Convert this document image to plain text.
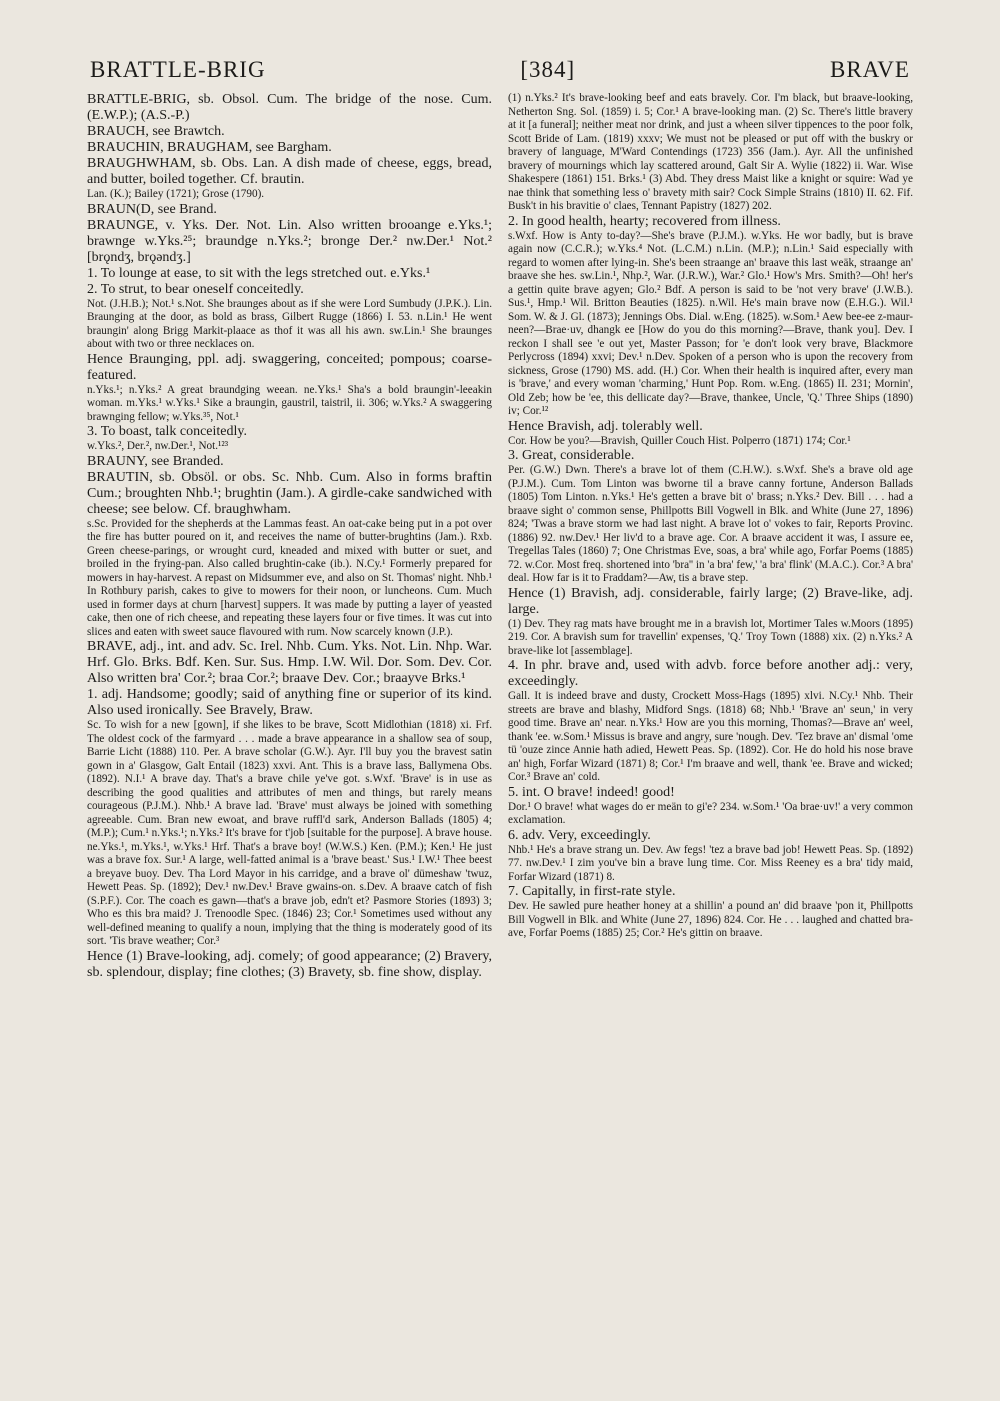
BRATTLE-BRIG	[384]	BRAVE

BRATTLE-BRIG, sb. Obsol. Cum. The bridge of the nose. Cum. (E.W.P.); (A.S.-P.)

BRAUCH, see Brawtch.

BRAUCHIN, BRAUGHAM, see Bargham.

BRAUGHWHAM, sb. Obs. Lan. A dish made of cheese, eggs, bread, and butter, boiled together. Cf. brautin.

Lan. (K.); Bailey (1721); Grose (1790).

BRAUN(D, see Brand.

BRAUNGE, v. Yks. Der. Not. Lin. Also written brooange e.Yks.¹; brawnge w.Yks.²⁵; braundge n.Yks.²; bronge Der.² nw.Der.¹ Not.² [brǫndʒ, brǫəndʒ.]

1. To lounge at ease, to sit with the legs stretched out. e.Yks.¹

2. To strut, to bear oneself conceitedly.

Not. (J.H.B.); Not.¹ s.Not. She braunges about as if she were Lord Sumbudy (J.P.K.). Lin. Braunging at the door, as bold as brass, Gilbert Rugge (1866) I. 53. n.Lin.¹ He went braungin' along Brigg Markit-plaace as thof it was all his awn. sw.Lin.¹ She braunges about with two or three necklaces on.

Hence Braunging, ppl. adj. swaggering, conceited; pompous; coarse-featured.

n.Yks.¹; n.Yks.² A great braundging weean. ne.Yks.¹ Sha's a bold braungin'-leeakin woman. m.Yks.¹ w.Yks.¹ Sike a braungin, gaustril, taistril, ii. 306; w.Yks.² A swaggering brawnging fellow; w.Yks.³⁵, Not.¹

3. To boast, talk conceitedly.

w.Yks.², Der.², nw.Der.¹, Not.¹²³

BRAUNY, see Branded.

BRAUTIN, sb. Obsöl. or obs. Sc. Nhb. Cum. Also in forms braftin Cum.; broughten Nhb.¹; brughtin (Jam.). A girdle-cake sandwiched with cheese; see below. Cf. braughwham.

s.Sc. Provided for the shepherds at the Lammas feast. An oat-cake being put in a pot over the fire has butter poured on it, and receives the name of butter-brughtins (Jam.). Rxb. Green cheese-parings, or wrought curd, kneaded and mixed with butter or suet, and broiled in the frying-pan. Also called brughtin-cake (ib.). N.Cy.¹ Formerly prepared for mowers in hay-harvest. A repast on Midsummer eve, and also on St. Thomas' night. Nhb.¹ In Rothbury parish, cakes to give to mowers for their noon, or luncheons. Cum. Much used in former days at churn [harvest] suppers. It was made by putting a layer of yeasted cake, then one of rich cheese, and repeating these layers four or five times. It was cut into slices and eaten with sweet sauce flavoured with rum. Now scarcely known (J.P.).

BRAVE, adj., int. and adv. Sc. Irel. Nhb. Cum. Yks. Not. Lin. Nhp. War. Hrf. Glo. Brks. Bdf. Ken. Sur. Sus. Hmp. I.W. Wil. Dor. Som. Dev. Cor. Also written bra' Cor.²; braa Cor.²; braave Dev. Cor.; braayve Brks.¹

1. adj. Handsome; goodly; said of anything fine or superior of its kind. Also used ironically. See Bravely, Braw.

Sc. To wish for a new [gown], if she likes to be brave, Scott Midlothian (1818) xi. Frf. The oldest cock of the farmyard . . . made a brave appearance in a shallow sea of soup, Barrie Licht (1888) 110. Per. A brave scholar (G.W.). Ayr. I'll buy you the bravest satin gown in a' Glasgow, Galt Entail (1823) xxvi. Ant. This is a brave lass, Ballymena Obs. (1892). N.I.¹ A brave day. That's a brave chile ye've got. s.Wxf. 'Brave' is in use as describing the good qualities and attributes of men and things, but rarely means courageous (P.J.M.). Nhb.¹ A brave lad. 'Brave' must always be joined with something agreeable. Cum. Bran new ewoat, and brave ruffl'd sark, Anderson Ballads (1805) 4; (M.P.); Cum.¹ n.Yks.¹; n.Yks.² It's brave for t'job [suitable for the purpose]. A brave house. ne.Yks.¹, m.Yks.¹, w.Yks.¹ Hrf. That's a brave boy! (W.W.S.) Ken. (P.M.); Ken.¹ He just was a brave fox. Sur.¹ A large, well-fatted animal is a 'brave beast.' Sus.¹ I.W.¹ Thee beest a breyave buoy. Dev. Tha Lord Mayor in his carridge, and a brave ol' dümeshaw 'twuz, Hewett Peas. Sp. (1892); Dev.¹ nw.Dev.¹ Brave gwains-on. s.Dev. A braave catch of fish (S.P.F.). Cor. The coach es gawn—that's a brave job, edn't et? Pasmore Stories (1893) 3; Who es this bra maid? J. Trenoodle Spec. (1846) 23; Cor.¹ Sometimes used without any well-defined meaning to qualify a noun, implying that the thing is moderately good of its sort. 'Tis brave weather; Cor.³

Hence (1) Brave-looking, adj. comely; of good appearance; (2) Bravery, sb. splendour, display; fine clothes; (3) Bravety, sb. fine show, display.

(1) n.Yks.² It's brave-looking beef and eats bravely. Cor. I'm black, but braave-looking, Netherton Sng. Sol. (1859) i. 5; Cor.¹ A brave-looking man. (2) Sc. There's little bravery at it [a funeral]; neither meat nor drink, and just a wheen silver tippences to the poor folk, Scott Bride of Lam. (1819) xxxv; We must not be pleased or put off with the buskry or bravery of language, M'Ward Contendings (1723) 356 (Jam.). Ayr. All the unfinished bravery of mournings which lay scattered around, Galt Sir A. Wylie (1822) ii. War. Wise Shakespere (1861) 151. Brks.¹ (3) Abd. They dress Maist like a knight or squire: Wad ye nae think that something less o' bravety mith sair? Cock Simple Strains (1810) II. 62. Fif. Busk't in his bravitie o' claes, Tennant Papistry (1827) 202.

2. In good health, hearty; recovered from illness.

s.Wxf. How is Anty to-day?—She's brave (P.J.M.). w.Yks. He wor badly, but is brave again now (C.C.R.); w.Yks.⁴ Not. (L.C.M.) n.Lin. (M.P.); n.Lin.¹ Said especially with regard to women after lying-in. She's been straange an' braave this last weäk, straange an' braave she hes. sw.Lin.¹, Nhp.², War. (J.R.W.), War.² Glo.¹ How's Mrs. Smith?—Oh! her's a gettin quite brave agyen; Glo.² Bdf. A person is said to be 'not very brave' (J.W.B.). Sus.¹, Hmp.¹ Wil. Britton Beauties (1825). n.Wil. He's main brave now (E.H.G.). Wil.¹ Som. W. & J. Gl. (1873); Jennings Obs. Dial. w.Eng. (1825). w.Som.¹ Aew bee-ee z-maur-neen?—Brae·uv, dhangk ee [How do you do this morning?—Brave, thank you]. Dev. I reckon I shall see 'e out yet, Master Passon; for 'e don't look very brave, Blackmore Perlycross (1894) xxvi; Dev.¹ n.Dev. Spoken of a person who is upon the recovery from sickness, Grose (1790) MS. add. (H.) Cor. When their health is inquired after, every man is 'brave,' and every woman 'charming,' Hunt Pop. Rom. w.Eng. (1865) II. 231; Mornin', Old Zeb; how be 'ee, this dellicate day?—Brave, thankee, Uncle, 'Q.' Three Ships (1890) iv; Cor.¹²

Hence Bravish, adj. tolerably well.

Cor. How be you?—Bravish, Quiller Couch Hist. Polperro (1871) 174; Cor.¹

3. Great, considerable.

Per. (G.W.) Dwn. There's a brave lot of them (C.H.W.). s.Wxf. She's a brave old age (P.J.M.). Cum. Tom Linton was bworne til a brave canny fortune, Anderson Ballads (1805) Tom Linton. n.Yks.¹ He's getten a brave bit o' brass; n.Yks.² Dev. Bill . . . had a braave sight o' common sense, Phillpotts Bill Vogwell in Blk. and White (June 27, 1896) 824; 'Twas a brave storm we had last night. A brave lot o' vokes to fair, Reports Provinc. (1886) 92. nw.Dev.¹ Her liv'd to a brave age. Cor. A braave accident it was, I assure ee, Tregellas Tales (1860) 7; One Christmas Eve, soas, a bra' while ago, Forfar Poems (1885) 72. w.Cor. Most freq. shortened into 'bra'' in 'a bra' few,' 'a bra' flink' (M.A.C.). Cor.³ A bra' deal. How far is it to Fraddam?—Aw, tis a brave step.

Hence (1) Bravish, adj. considerable, fairly large; (2) Brave-like, adj. large.

(1) Dev. They rag mats have brought me in a bravish lot, Mortimer Tales w.Moors (1895) 219. Cor. A bravish sum for travellin' expenses, 'Q.' Troy Town (1888) xix. (2) n.Yks.² A brave-like lot [assemblage].

4. In phr. brave and, used with advb. force before another adj.: very, exceedingly.

Gall. It is indeed brave and dusty, Crockett Moss-Hags (1895) xlvi. N.Cy.¹ Nhb. Their streets are brave and blashy, Midford Sngs. (1818) 68; Nhb.¹ 'Brave an' seun,' in very good time. Brave an' near. n.Yks.¹ How are you this morning, Thomas?—Brave an' weel, thank 'ee. w.Som.¹ Missus is brave and angry, sure 'nough. Dev. 'Tez brave an' dismal 'ome tü 'ouze zince Annie hath adied, Hewett Peas. Sp. (1892). Cor. He do hold his nose brave an' high, Forfar Wizard (1871) 8; Cor.¹ I'm braave and well, thank 'ee. Brave and wicked; Cor.³ Brave an' cold.

5. int. O brave! indeed! good!

Dor.¹ O brave! what wages do er meän to gi'e? 234. w.Som.¹ 'Oa brae·uv!' a very common exclamation.

6. adv. Very, exceedingly.

Nhb.¹ He's a brave strang un. Dev. Aw fegs! 'tez a brave bad job! Hewett Peas. Sp. (1892) 77. nw.Dev.¹ I zim you've bin a brave lung time. Cor. Miss Reeney es a bra' tidy maid, Forfar Wizard (1871) 8.

7. Capitally, in first-rate style.

Dev. He sawled pure heather honey at a shillin' a pound an' did braave 'pon it, Phillpotts Bill Vogwell in Blk. and White (June 27, 1896) 824. Cor. He . . . laughed and chatted bra-ave, Forfar Poems (1885) 25; Cor.² He's gittin on braave.
